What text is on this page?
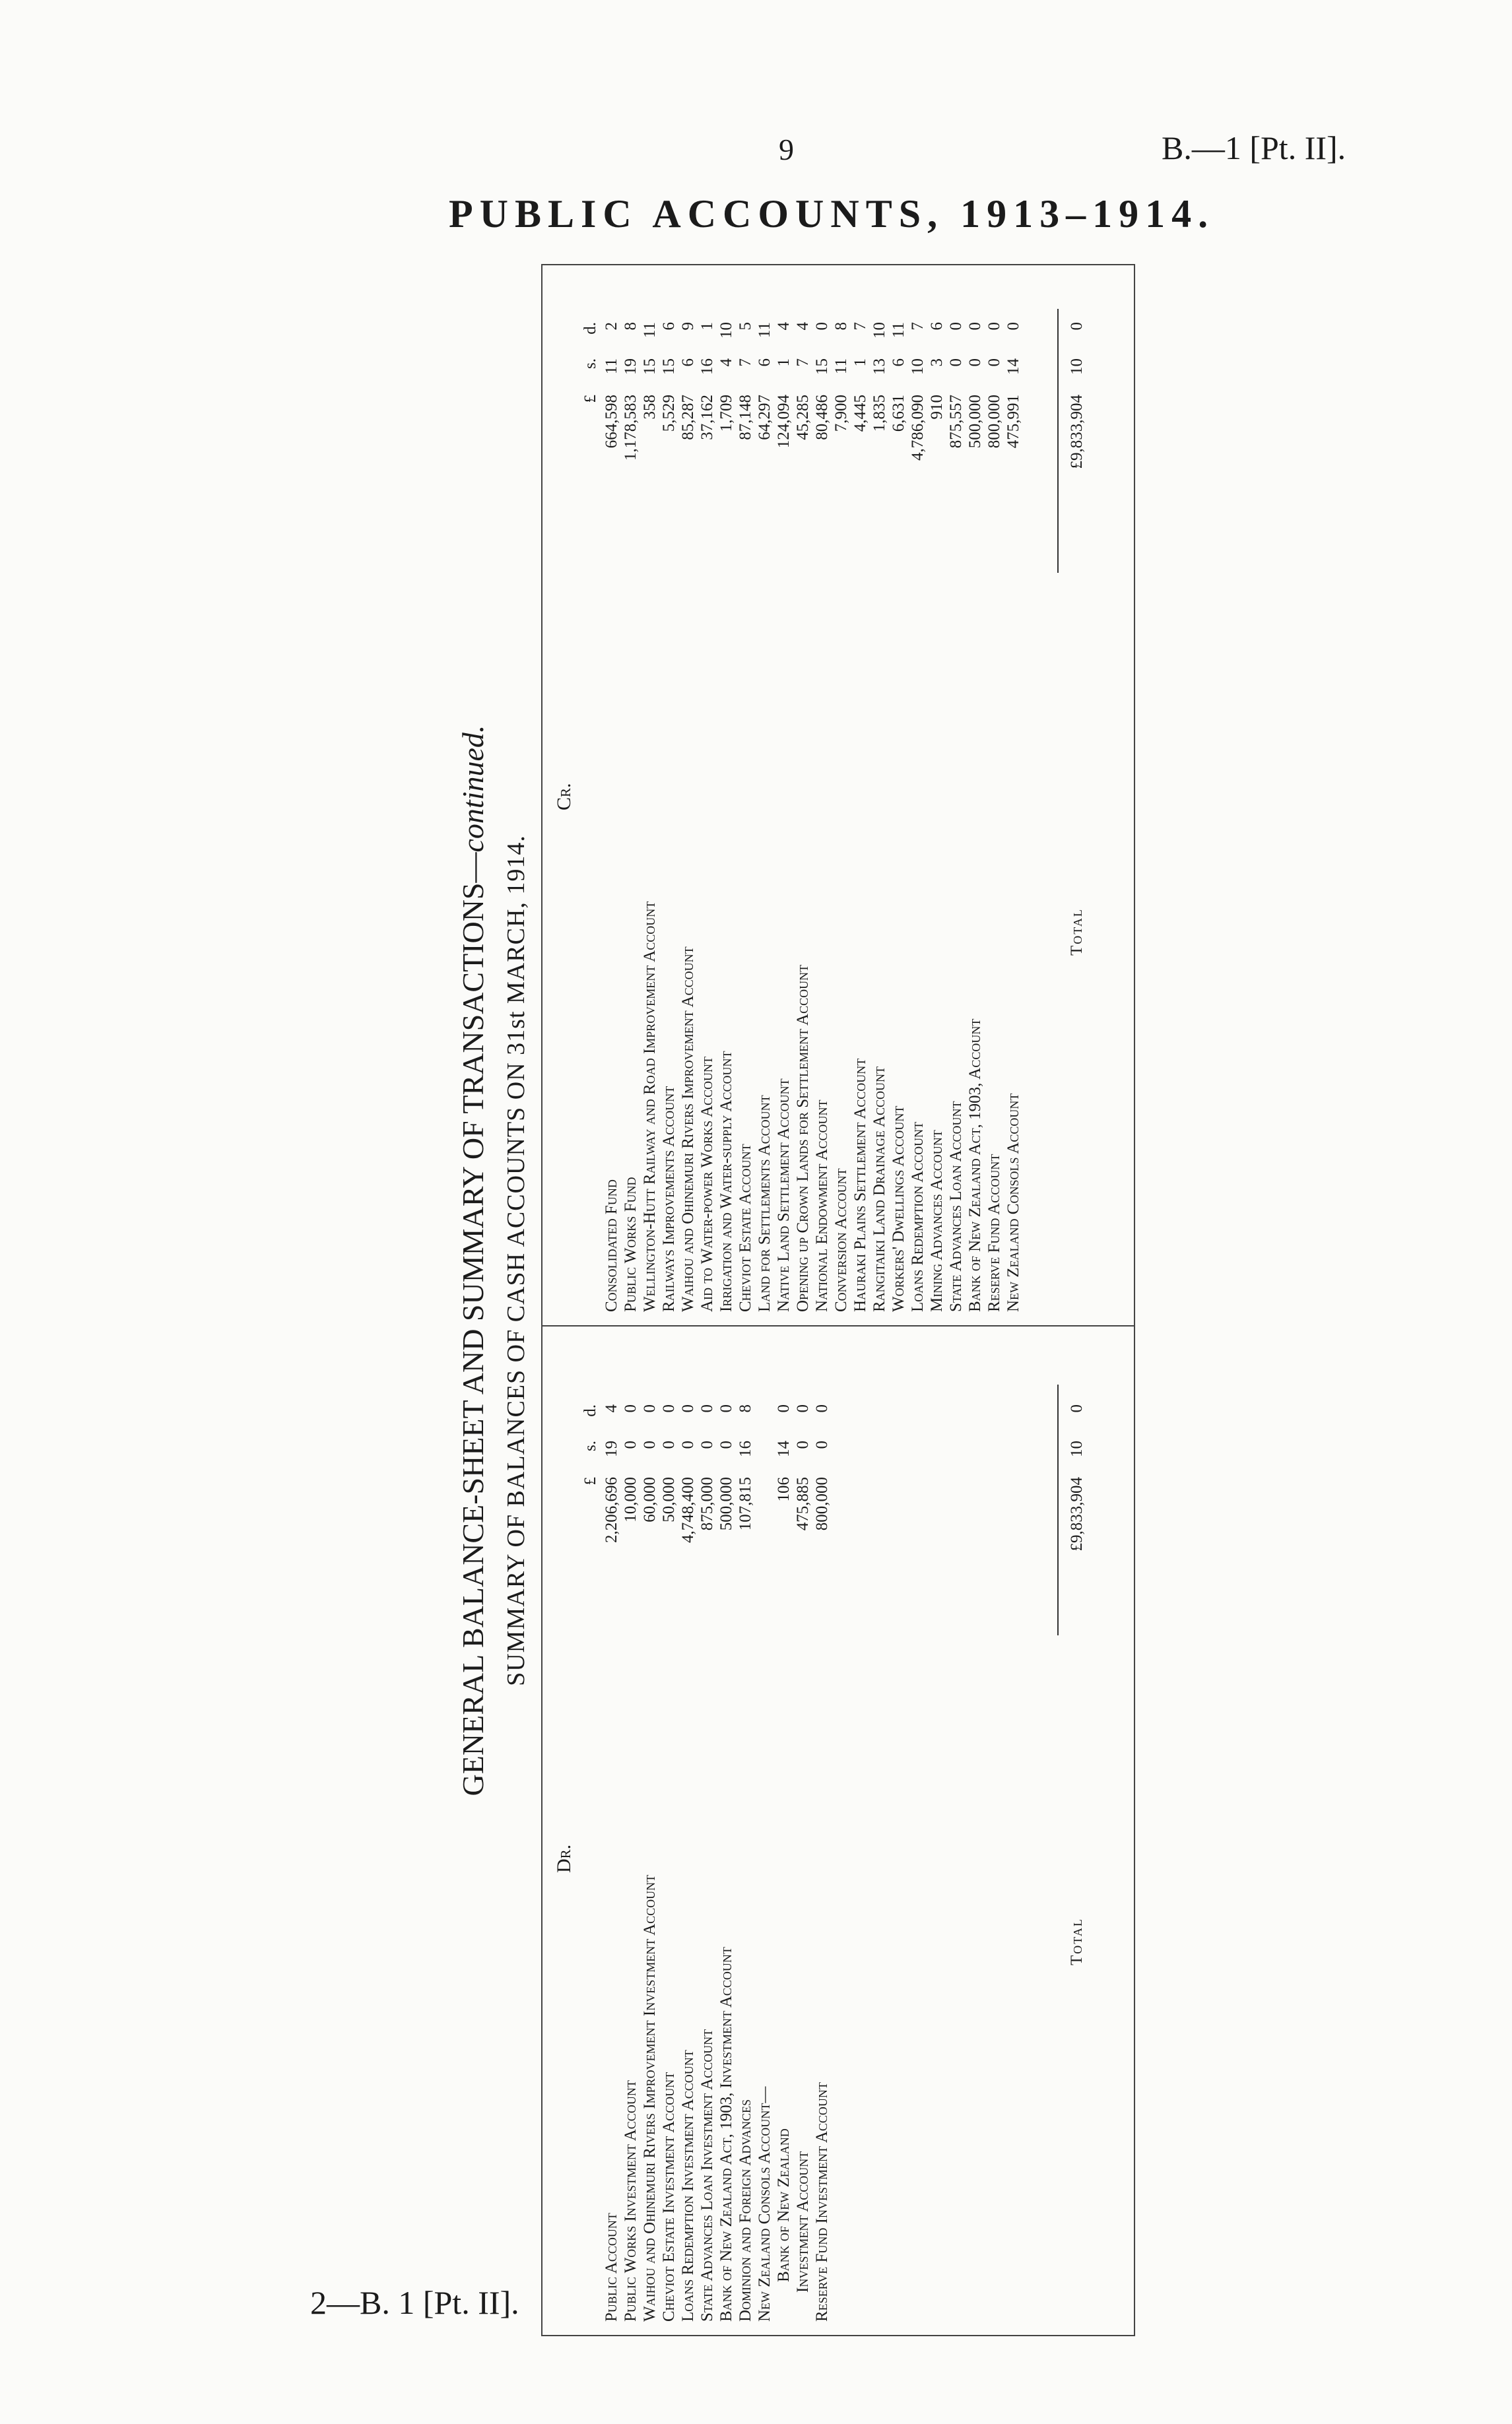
9	B.—1 [Pt. II].
PUBLIC ACCOUNTS, 1913–1914.
2—B. 1 [Pt. II].
GENERAL BALANCE-SHEET AND SUMMARY OF TRANSACTIONS—continued.
SUMMARY OF BALANCES OF CASH ACCOUNTS ON 31st MARCH, 1914.
Dr.
£
s.
d.
Public Account
2,206,696
19
4
Public Works Investment Account
10,000
0
0
Waihou and Ohinemuri Rivers Improvement Investment Account
60,000
0
0
Cheviot Estate Investment Account
50,000
0
0
Loans Redemption Investment Account
4,748,400
0
0
State Advances Loan Investment Account
875,000
0
0
Bank of New Zealand Act, 1903, Investment Account
500,000
0
0
Dominion and Foreign Advances
107,815
16
8
New Zealand Consols Account— Bank of New Zealand
106
14
0
Investment Account
475,885
0
0
Reserve Fund Investment Account
800,000
0
0
Total
£9,833,904
10
0
Cr.
£
s.
d.
Consolidated Fund
664,598
11
2
Public Works Fund
1,178,583
19
8
Wellington-Hutt Railway and Road Improvement Account
358
15
11
Railways Improvements Account
5,529
15
6
Waihou and Ohinemuri Rivers Improvement Account
85,287
6
9
Aid to Water-power Works Account
37,162
16
1
Irrigation and Water-supply Account
1,709
4
10
Cheviot Estate Account
87,148
7
5
Land for Settlements Account
64,297
6
11
Native Land Settlement Account
124,094
1
4
Opening up Crown Lands for Settlement Account
45,285
7
4
National Endowment Account
80,486
15
0
Conversion Account
7,900
11
8
Hauraki Plains Settlement Account
4,445
1
7
Rangitaiki Land Drainage Account
1,835
13
10
Workers' Dwellings Account
6,631
6
11
Loans Redemption Account
4,786,090
10
7
Mining Advances Account
910
3
6
State Advances Loan Account
875,557
0
0
Bank of New Zealand Act, 1903, Account
500,000
0
0
Reserve Fund Account
800,000
0
0
New Zealand Consols Account
475,991
14
0
Total
£9,833,904
10
0
